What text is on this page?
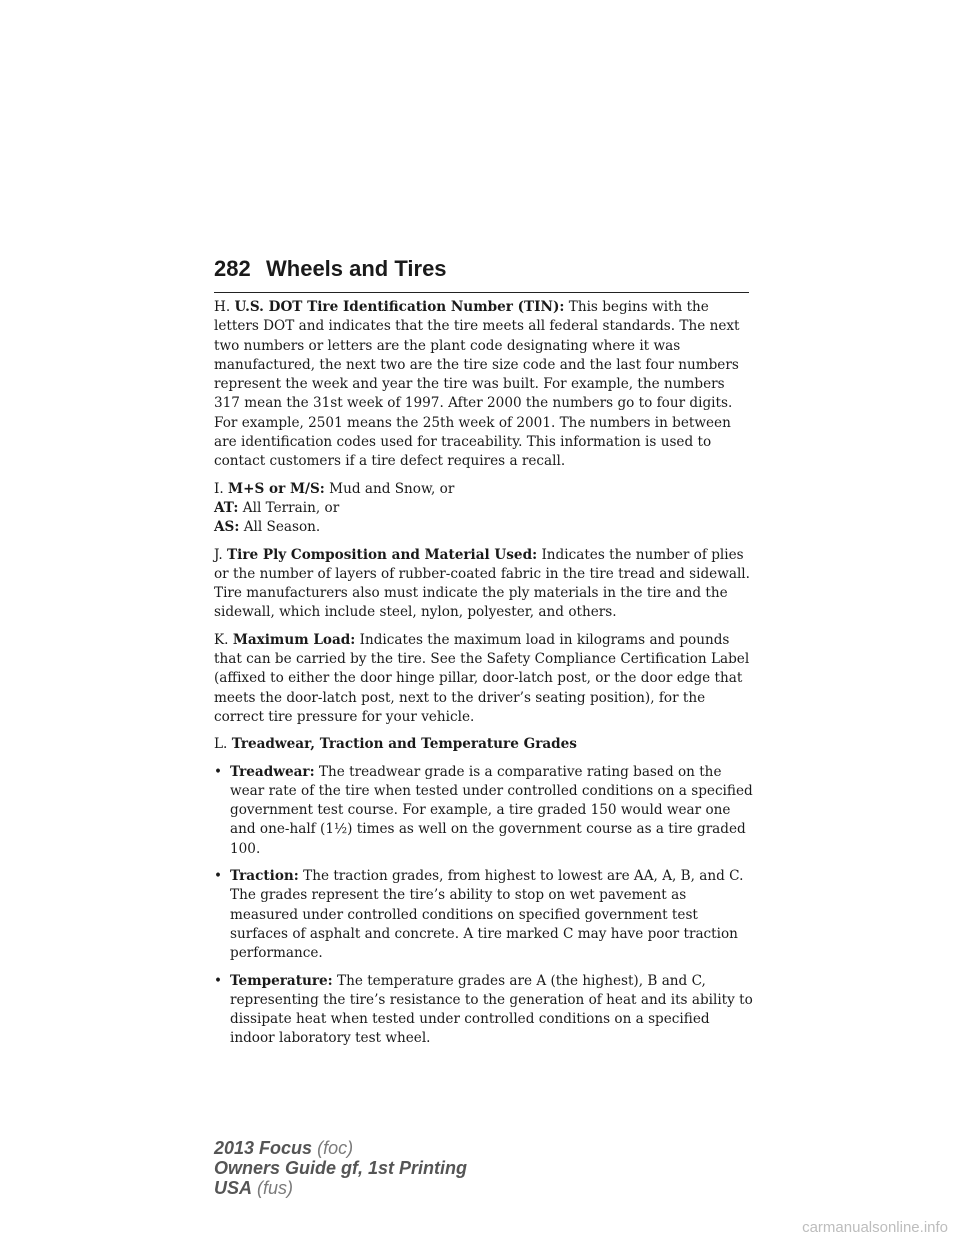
282 Wheels and Tires

H. U.S. DOT Tire Identification Number (TIN): This begins with the letters DOT and indicates that the tire meets all federal standards. The next two numbers or letters are the plant code designating where it was manufactured, the next two are the tire size code and the last four numbers represent the week and year the tire was built. For example, the numbers 317 mean the 31st week of 1997. After 2000 the numbers go to four digits. For example, 2501 means the 25th week of 2001. The numbers in between are identification codes used for traceability. This information is used to contact customers if a tire defect requires a recall.

I. M+S or M/S: Mud and Snow, or

AT: All Terrain, or

AS: All Season.

J. Tire Ply Composition and Material Used: Indicates the number of plies or the number of layers of rubber-coated fabric in the tire tread and sidewall. Tire manufacturers also must indicate the ply materials in the tire and the sidewall, which include steel, nylon, polyester, and others.

K. Maximum Load: Indicates the maximum load in kilograms and pounds that can be carried by the tire. See the Safety Compliance Certification Label (affixed to either the door hinge pillar, door-latch post, or the door edge that meets the door-latch post, next to the driver’s seating position), for the correct tire pressure for your vehicle.

L. Treadwear, Traction and Temperature Grades

• Treadwear: The treadwear grade is a comparative rating based on the wear rate of the tire when tested under controlled conditions on a specified government test course. For example, a tire graded 150 would wear one and one-half (1½) times as well on the government course as a tire graded 100.
• Traction: The traction grades, from highest to lowest are AA, A, B, and C. The grades represent the tire’s ability to stop on wet pavement as measured under controlled conditions on specified government test surfaces of asphalt and concrete. A tire marked C may have poor traction performance.
• Temperature: The temperature grades are A (the highest), B and C, representing the tire’s resistance to the generation of heat and its ability to dissipate heat when tested under controlled conditions on a specified indoor laboratory test wheel.
2013 Focus (foc)
Owners Guide gf, 1st Printing
USA (fus)
carmanualsonline.info
